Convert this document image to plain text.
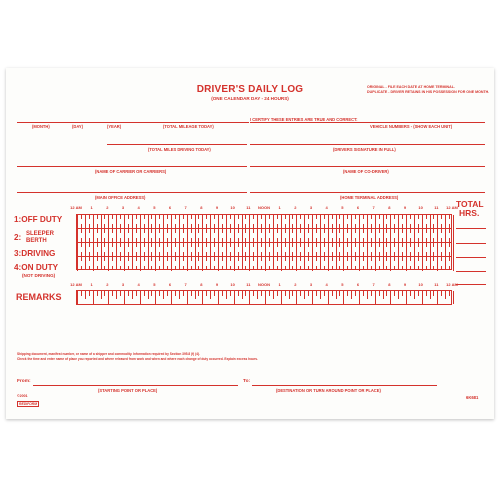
DRIVER'S DAILY LOG
(ONE CALENDAR DAY - 24 HOURS)
ORIGINAL - FILE EACH DATE AT HOME TERMINAL.
DUPLICATE - DRIVER RETAINS IN HIS POSSESSION FOR ONE MONTH.
(MONTH)	(DAY)	(YEAR)	(TOTAL MILEAGE TODAY)
I CERTIFY THESE ENTRIES ARE TRUE AND CORRECT:
VEHICLE NUMBERS - (SHOW EACH UNIT)
(TOTAL MILES DRIVING TODAY)	(DRIVERS SIGNATURE IN FULL)
(NAME OF CARRIER OR CARRIERS)	(NAME OF CO-DRIVER)
(MAIN OFFICE ADDRESS)	(HOME TERMINAL ADDRESS)
12 AM	1	2	3	4	5	6	7	8	9	10	11	NOON	1	2	3	4	5	6	7	8	9	10	11	12 AM
TOTAL
HRS.
1:OFF DUTY
2: SLEEPER
BERTH
3:DRIVING
4:ON DUTY
(NOT DRIVING)
12 AM	1	2	3	4	5	6	7	8	9	10	11	NOON	1	2	3	4	5	6	7	8	9	10	11	12 AM
REMARKS
Shipping document, manifest number, or name of a shipper and commodity. Information required by Section 395.8 (f) (4).
Check the time and enter name of place you reported and where released from work and when and where each change of duty occurred. Explain excess hours.
From:
(STARTING POINT OR PLACE)
To:
(DESTINATION OR TURN AROUND POINT OR PLACE)
©2001
REDIFORM
6K681
